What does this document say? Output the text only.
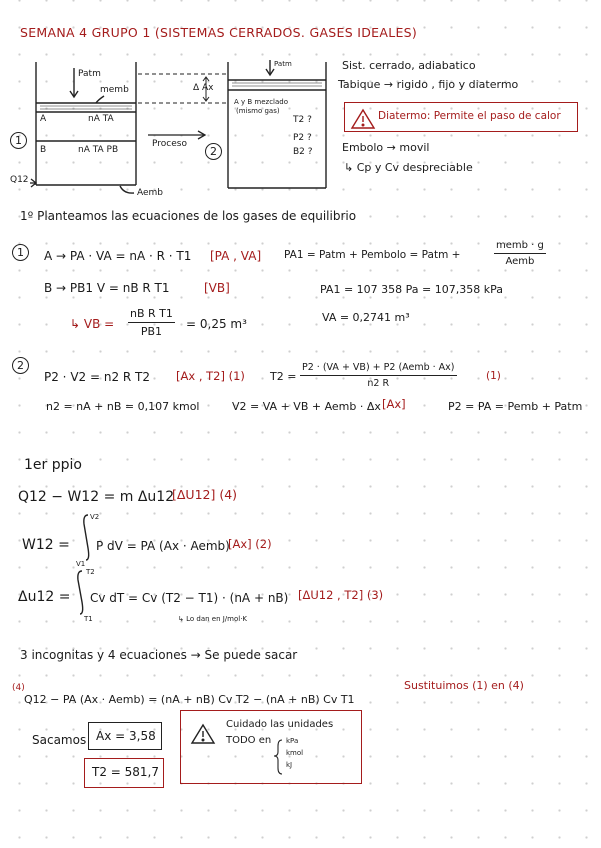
SEMANA 4 GRUPO 1 (SISTEMAS CERRADOS. GASES IDEALES)
Patm
memb	Δ Ax
A	nA TA
B	nA TA PB
1
Q12
Aemb
Proceso
2
Patm
A y B mezclado
(mismo gas)
T2 ?
P2 ?
B2 ?
Sist. cerrado, adiabatico
Tabique → rigido , fijo y diatermo
Diatermo: Permite el paso de calor
Embolo → movil
↳ Cp y Cv despreciable
1º Planteamos las ecuaciones de los gases de equilibrio
1	A → PA · VA = nA · R · T1 [PA , VA] PA1 = Patm + Pembolo = Patm +
memb · g
Aemb
B → PB1 V = nB R T1	[VB]	PA1 = 107 358 Pa = 107,358 kPa
↳ VB = $\frac{\text{nB R T1}}{PB1} = 0,25$ m³	VA = 0,2741 m³
2
P2 · V2 = n2 R T2 [Ax , T2] (1) T2 =
P2 · (VA + VB) + P2 (Aemb · Ax)
n2 R
(1)
n2 = nA + nB = 0,107 kmol	V2 = VA + VB + Aemb · Δx [Ax]	P2 = PA = Pemb + Patm
1er ppio
Q12 − W12 = m Δu12
[ΔU12] (4)
W12 =
V2
V1
P dV = PA (Ax · Aemb)
[Ax] (2)
Δu12 =
T2
T1
Cv dT = Cv (T2 − T1) · (nA + nB) [ΔU12 , T2] (3)
↳ Lo dan en J/mol·K
3 incognitas y 4 ecuaciones → Se puede sacar
Sustituimos (1) en (4)
(4)
Q12 − PA (Ax · Aemb) = (nA + nB) Cv T2 − (nA + nB) Cv T1
Sacamos Ax = 3,58
T2 = 581,7
Cuidado las unidades
TODO en kPa
kmol
kJ
